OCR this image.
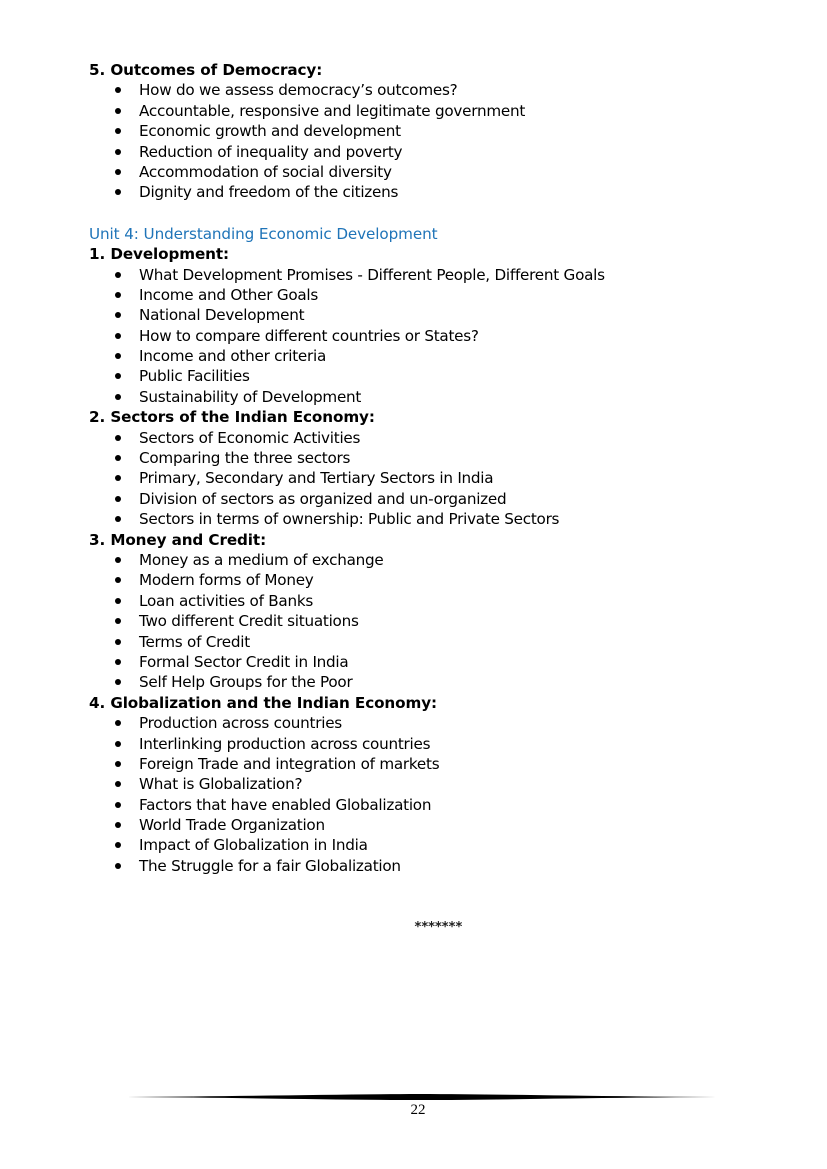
5. Outcomes of Democracy:
How do we assess democracy’s outcomes?
Accountable, responsive and legitimate government
Economic growth and development
Reduction of inequality and poverty
Accommodation of social diversity
Dignity and freedom of the citizens
Unit 4: Understanding Economic Development
1. Development:
What Development Promises - Different People, Different Goals
Income and Other Goals
National Development
How to compare different countries or States?
Income and other criteria
Public Facilities
Sustainability of Development
2. Sectors of the Indian Economy:
Sectors of Economic Activities
Comparing the three sectors
Primary, Secondary and Tertiary Sectors in India
Division of sectors as organized and un-organized
Sectors in terms of ownership: Public and Private Sectors
3. Money and Credit:
Money as a medium of exchange
Modern forms of Money
Loan activities of Banks
Two different Credit situations
Terms of Credit
Formal Sector Credit in India
Self Help Groups for the Poor
4. Globalization and the Indian Economy:
Production across countries
Interlinking production across countries
Foreign Trade and integration of markets
What is Globalization?
Factors that have enabled Globalization
World Trade Organization
Impact of Globalization in India
The Struggle for a fair Globalization
*******
22
